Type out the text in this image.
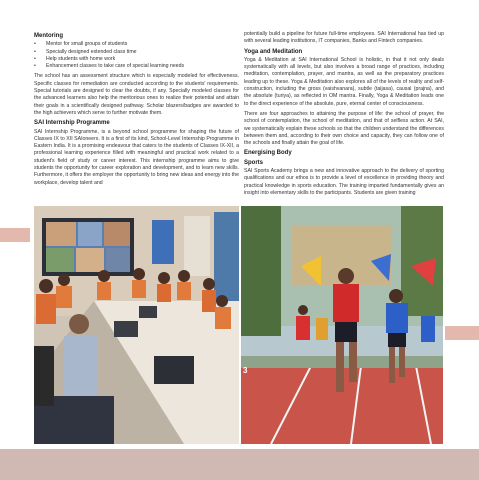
Mentoring
•	Mentor for small groups of students
•	Specially designed extended class time
•	Help students with home work
•	Enhancement classes to take care of special learning needs
The school has an assessment structure which is especially modeled for effectiveness. Specific classes for remediation are conducted according to the students' requirements. Special tutorials are designed to clear the doubts, if any. Specially modeled classes for the advanced learners also help the meritorious ones to realize their potential and attain their goals in a scientifically designed pathway. Scholar blazers/badges are awarded to the high achievers which serve to further motivate them.
SAI Internship Programme
SAI Internship Programme, is a beyond school programme for shaping the future of Classes IX to XII SAIoneers. It is a first of its kind, School-Level Internship Programme in Eastern India. It is a promising endeavour that caters to the students of Classes IX-XII, a professional learning experience filled with meaningful and practical work related to a student's field of study or career interest. This internship programme aims to give students the opportunity for career exploration and development, and to learn new skills. Furthermore, it offers the employer the opportunity to bring new ideas and energy into the workplace, develop talent and
potentially build a pipeline for future full-time employees. SAI International has tied up with several leading institutions, IT companies, Banks and Fintech companies.
Yoga and Meditation
Yoga & Meditation at SAI International School is holistic, in that it not only deals systematically with all levels, but also involves a broad range of practices, including meditation, contemplation, prayer, and mantra, as well as the preparatory practices leading up to these. Yoga & Meditation also explores all of the levels of reality and self-construction, including the gross (vaishvanara), subtle (taijasa), causal (prajna), and the absolute (turiya), as reflected in OM mantra. Finally, Yoga & Meditation leads one to the direct experience of the absolute, pure, eternal center of consciousness.
There are four approaches to attaining the purpose of life: the school of prayer, the school of contemplation, the school of meditation, and that of selfless action. At SAI, we systematically explain these schools so that the children understand the differences between them and, according to their own choice and capacity, they can follow one of the schools and finally attain the goal of life.
Energising Body
Sports
SAI Sports Academy brings a new and innovative approach to the delivery of sporting qualifications and our ethos is to provide a level of excellence in providing theory and practical knowledge in sports education. The training imparted fundamentally gives an insight into elementary skills to the participants. Students are given training
3
